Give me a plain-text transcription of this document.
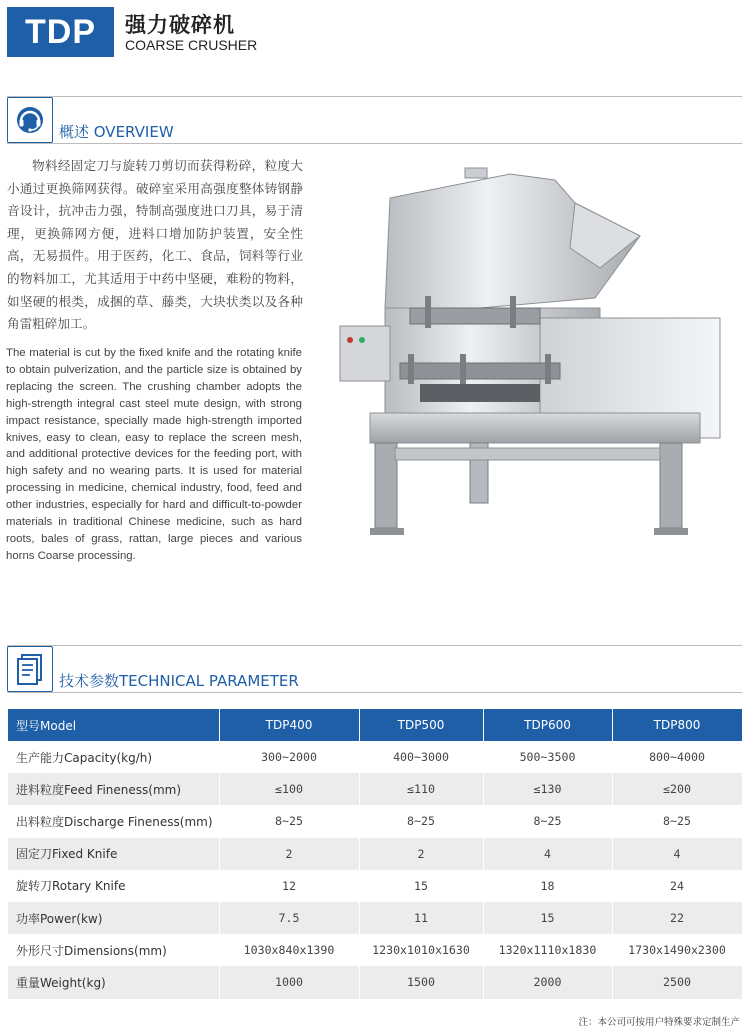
TDP	强力破碎机
COARSE CRUSHER
概述 OVERVIEW

物料经固定刀与旋转刀剪切而获得粉碎，粒度大小通过更换筛网获得。破碎室采用高强度整体铸钢静音设计，抗冲击力强，特制高强度进口刀具，易于清理，更换筛网方便，进料口增加防护装置，安全性高，无易损件。用于医药，化工、食品，饲料等行业的物料加工，尤其适用于中药中坚硬，难粉的物料，如坚硬的根类，成捆的草、藤类，大块状类以及各种角雷粗碎加工。

The material is cut by the fixed knife and the rotating knife to obtain pulverization, and the particle size is obtained by replacing the screen. The crushing chamber adopts the high-strength integral cast steel mute design, with strong impact resistance, specially made high-strength imported knives, easy to clean, easy to replace the screen mesh, and additional protective devices for the feeding port, with high safety and no wearing parts. It is used for material processing in medicine, chemical industry, food, feed and other industries, especially for hard and difficult-to-powder materials in traditional Chinese medicine, such as hard roots, bales of grass, rattan, large pieces and various horns Coarse processing.

技术参数TECHNICAL PARAMETER
型号Model	TDP400	TDP500	TDP600	TDP800
生产能力Capacity(kg/h)	300~2000	400~3000	500~3500	800~4000
进料粒度Feed Fineness(mm)	≤100	≤110	≤130	≤200
出料粒度Discharge Fineness(mm)	8~25	8~25	8~25	8~25
固定刀Fixed Knife	2	2	4	4
旋转刀Rotary Knife	12	15	18	24
功率Power(kw)	7.5	11	15	22
外形尺寸Dimensions(mm)	1030x840x1390	1230x1010x1630	1320x1110x1830	1730x1490x2300
重量Weight(kg)	1000	1500	2000	2500
注：本公司可按用户特殊要求定制生产
